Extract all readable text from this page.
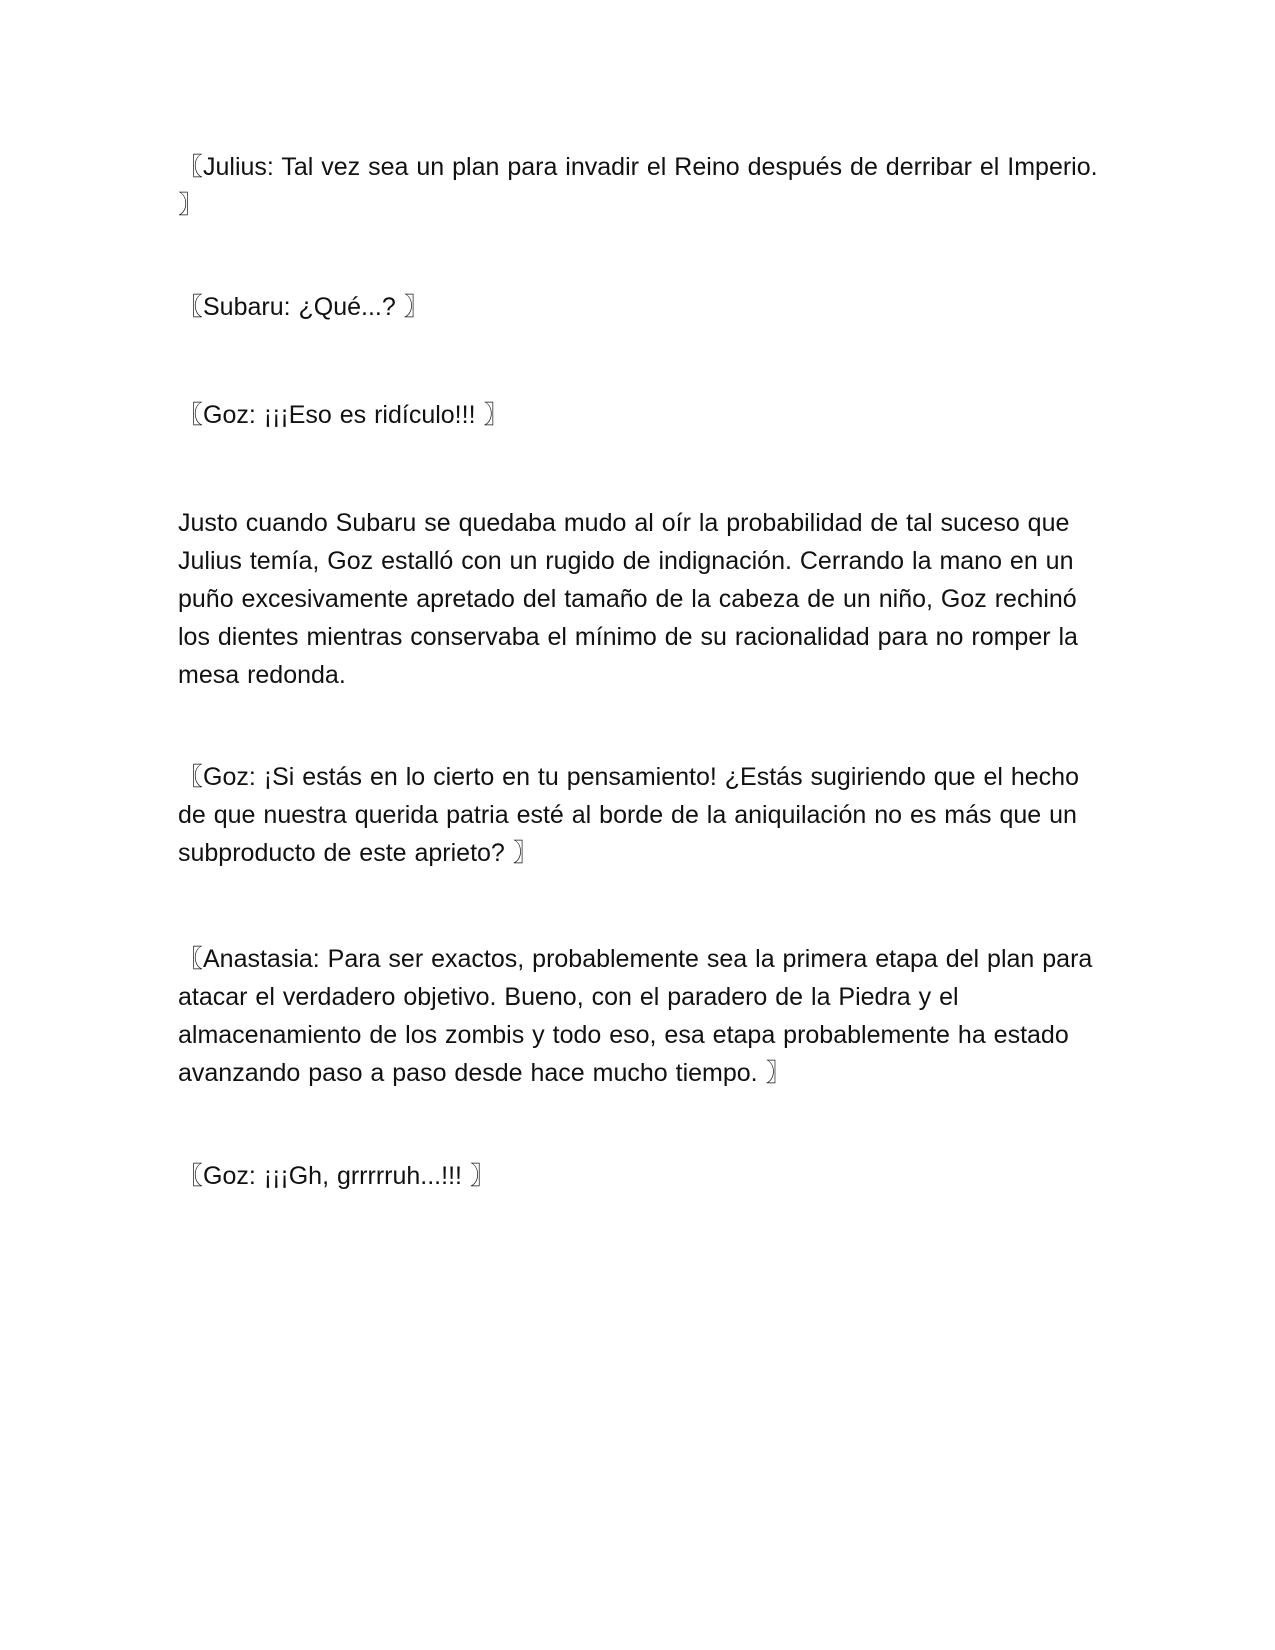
〖Julius: Tal vez sea un plan para invadir el Reino después de derribar el Imperio. 〗

〖Subaru: ¿Qué...? 〗

〖Goz: ¡¡¡Eso es ridículo!!! 〗

Justo cuando Subaru se quedaba mudo al oír la probabilidad de tal suceso que Julius temía, Goz estalló con un rugido de indignación. Cerrando la mano en un puño excesivamente apretado del tamaño de la cabeza de un niño, Goz rechinó los dientes mientras conservaba el mínimo de su racionalidad para no romper la mesa redonda.

〖Goz: ¡Si estás en lo cierto en tu pensamiento! ¿Estás sugiriendo que el hecho de que nuestra querida patria esté al borde de la aniquilación no es más que un subproducto de este aprieto? 〗

〖Anastasia: Para ser exactos, probablemente sea la primera etapa del plan para atacar el verdadero objetivo. Bueno, con el paradero de la Piedra y el almacenamiento de los zombis y todo eso, esa etapa probablemente ha estado avanzando paso a paso desde hace mucho tiempo. 〗

〖Goz: ¡¡¡Gh, grrrrruh...!!! 〗
